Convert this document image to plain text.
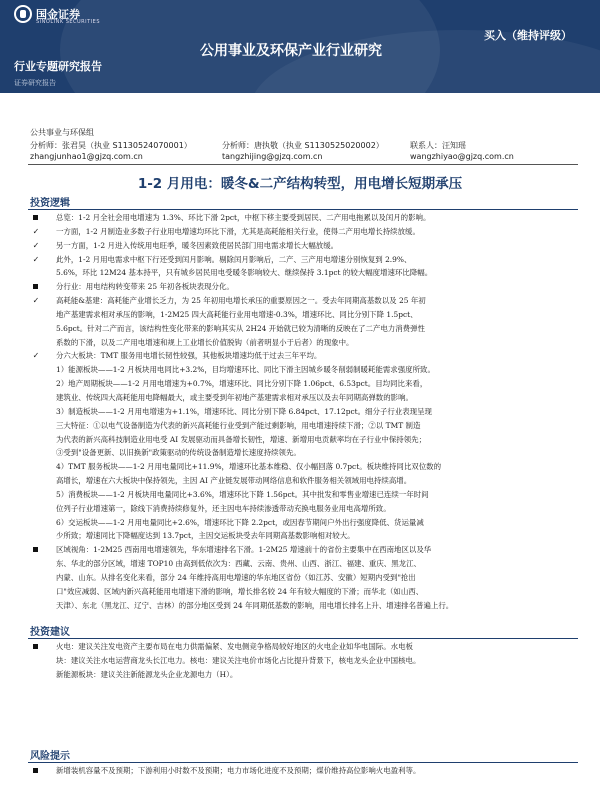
国金证券
SINOLINK SECURITIES
行业专题研究报告
证券研究报告
公用事业及环保产业行业研究
买入（维持评级）
公共事业与环保组
分析师：张君昊（执业 S1130524070001）	分析师：唐执敬（执业 S1130525020002）	联系人：汪知瑶
zhangjunhao1@gjzq.com.cn	tangzhijing@gjzq.com.cn	wangzhiyao@gjzq.com.cn
1-2 月用电：暖冬&二产结构转型，用电增长短期承压
投资逻辑
总览：1-2 月全社会用电增速为 1.3%、环比下滑 2pct，中枢下移主要受到居民、二产用电拖累以及闰月的影响。
✓	一方面，1-2 月制造业多数子行业用电增速均环比下滑，尤其是高耗能相关行业，使得二产用电增长持续放缓。
✓	另一方面，1-2 月进入传统用电旺季，暖冬因素致使居民部门用电需求增长大幅放缓。
✓	此外，1-2 月用电需求中枢下行还受到闰月影响。剔除闰月影响后，二产、三产用电增速分别恢复到 2.9%、
5.6%，环比 12M24 基本持平，只有城乡居民用电受暖冬影响较大、继续保持 3.1pct 的较大幅度增速环比降幅。
分行业：用电结构转变带来 25 年初各板块表现分化。
✓	高耗能&基建：高耗能产业增长乏力，为 25 年初用电增长承压的重要原因之一。受去年同期高基数以及 25 年初
地产基建需求相对承压的影响，1-2M25 四大高耗能行业用电增速-0.3%，增速环比、同比分别下降 1.5pct、
5.6pct。针对二产而言，该结构性变化带来的影响其实从 2H24 开始就已较为清晰的反映在了二产电力消费弹性
系数的下滑，以及二产用电增速和规上工业增长价值脱钩（前者明显小于后者）的现象中。
✓	分六大板块：TMT 服务用电增长韧性较强，其他板块增速均低于过去三年平均。
1）能源板块——1-2 月板块用电同比+3.2%，目均增速环比、同比下滑主因城乡暖冬削弱制暖耗能需求强度所致。
2）地产周期板块——1-2 月用电增速为+0.7%，增速环比、同比分别下降 1.06pct、6.53pct。目均同比来看，
建筑业、传统四大高耗能用电降幅最大，或主要受到年初地产基建需求相对承压以及去年同期高弹数的影响。
3）制造板块——1-2 月用电增速为+1.1%，增速环比、同比分别下降 6.84pct、17.12pct。细分子行业表现呈现
三大特征：①以电气设备制造为代表的新兴高耗能行业受到产能过剩影响，用电增速持续下滑；②以 TMT 制造
为代表的新兴高科技制造业用电受 AI 发展驱动而具备增长韧性，增速、新增用电贡献率均在子行业中保持领先；
③受到"设备更新、以旧换新"政策驱动的传统设备制造增长速度持续领先。
4）TMT 服务板块——1-2 月用电量同比+11.9%，增速环比基本维稳、仅小幅回落 0.7pct。板块维持同比双位数的
高增长，增速在六大板块中保持领先，主因 AI 产业链发展带动网络信息和软件服务相关领域用电持续高增。
5）消费板块——1-2 月板块用电量同比+3.6%，增速环比下降 1.56pct。其中批发和零售业增速已连续一年时间
位列子行业增速第一，除线下消费持续修复外，还主因电车持续渗透带动充换电服务业用电高增所致。
6）交运板块——1-2 月用电量同比+2.6%，增速环比下降 2.2pct，或因春节期间户外出行强度降低、货运量减
少所致；增速同比下降幅度达到 13.7pct，主因交运板块受去年同期高基数影响相对较大。
区域视角：1-2M25 西南用电增速领先，华东增速排名下滑。1-2M25 增速前十的省份主要集中在西南地区以及华
东、华北的部分区域，增速 TOP10 由高到低依次为：西藏、云南、贵州、山西、浙江、福建、重庆、黑龙江、
内蒙、山东。从排名变化来看，部分 24 年维持高用电增速的华东地区省份（如江苏、安徽）短期内受到"抢出
口"效应减弱、区域内新兴高耗能用电增速下滑的影响，增长排名较 24 年有较大幅度的下滑；而华北（如山西、
天津）、东北（黑龙江、辽宁、吉林）的部分地区受到 24 年同期低基数的影响，用电增长排名上升、增速排名普遍上行。
投资建议
火电：建议关注发电资产主要布局在电力供需偏紧、发电侧竞争格局较好地区的火电企业如华电国际。水电板
块：建议关注水电运营商龙头长江电力。核电：建议关注电价市场化占比提升背景下，核电龙头企业中国核电。
新能源板块：建议关注新能源龙头企业龙源电力（H）。
风险提示
新增装机容量不及预期；下游利用小时数不及预期；电力市场化进度不及预期；煤价维持高位影响火电盈利等。
